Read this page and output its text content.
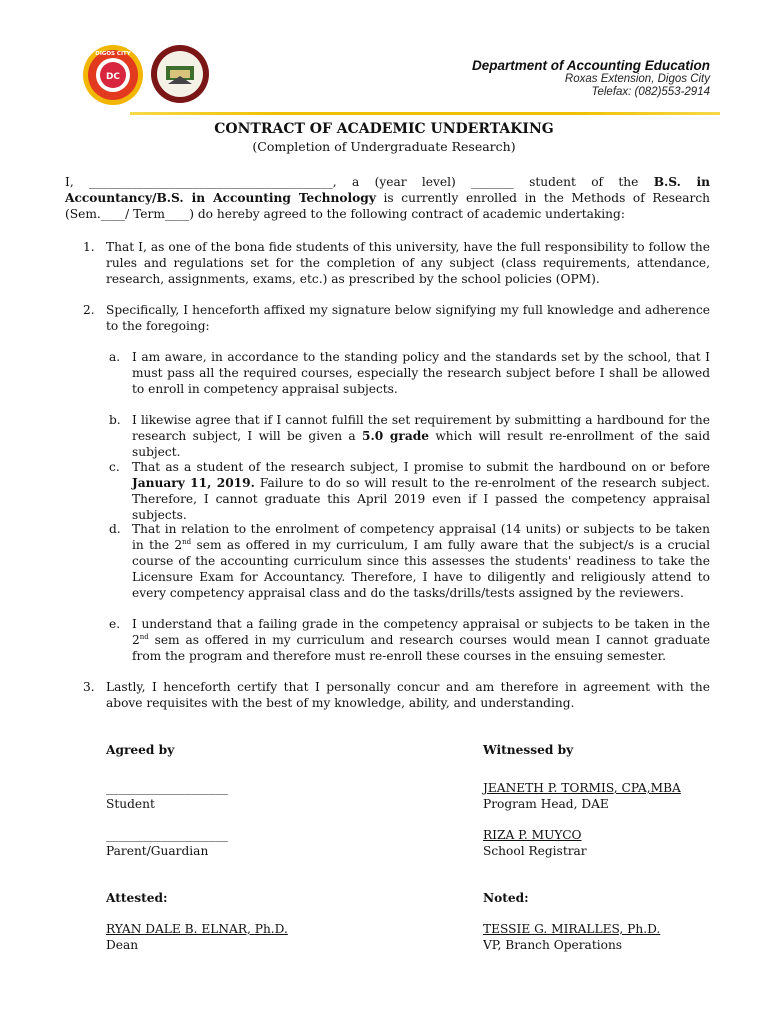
DC
DIGOS CITY
Department of Accounting Education
Roxas Extension, Digos City
Telefax: (082)553-2914
CONTRACT OF ACADEMIC UNDERTAKING
(Completion of Undergraduate Research)
I, ________________________________________, a (year level) _______ student of the B.S. in Accountancy/B.S. in Accounting Technology is currently enrolled in the Methods of Research (Sem.____/ Term____) do hereby agreed to the following contract of academic undertaking:
1. That I, as one of the bona fide students of this university, have the full responsibility to follow the rules and regulations set for the completion of any subject (class requirements, attendance, research, assignments, exams, etc.) as prescribed by the school policies (OPM).
2. Specifically, I henceforth affixed my signature below signifying my full knowledge and adherence to the foregoing:
a. I am aware, in accordance to the standing policy and the standards set by the school, that I must pass all the required courses, especially the research subject before I shall be allowed to enroll in competency appraisal subjects.
b. I likewise agree that if I cannot fulfill the set requirement by submitting a hardbound for the research subject, I will be given a 5.0 grade which will result re-enrollment of the said subject.
c. That as a student of the research subject, I promise to submit the hardbound on or before January 11, 2019. Failure to do so will result to the re-enrolment of the research subject. Therefore, I cannot graduate this April 2019 even if I passed the competency appraisal subjects.
d. That in relation to the enrolment of competency appraisal (14 units) or subjects to be taken in the 2nd sem as offered in my curriculum, I am fully aware that the subject/s is a crucial course of the accounting curriculum since this assesses the students' readiness to take the Licensure Exam for Accountancy. Therefore, I have to diligently and religiously attend to every competency appraisal class and do the tasks/drills/tests assigned by the reviewers.
e. I understand that a failing grade in the competency appraisal or subjects to be taken in the 2nd sem as offered in my curriculum and research courses would mean I cannot graduate from the program and therefore must re-enroll these courses in the ensuing semester.
3. Lastly, I henceforth certify that I personally concur and am therefore in agreement with the above requisites with the best of my knowledge, ability, and understanding.
Agreed by	Witnessed by
____________________
Student
JEANETH P. TORMIS, CPA,MBA
Program Head, DAE
____________________
Parent/Guardian
RIZA P. MUYCO
School Registrar
Attested:	Noted:
RYAN DALE B. ELNAR, Ph.D.
Dean
TESSIE G. MIRALLES, Ph.D.
VP, Branch Operations
